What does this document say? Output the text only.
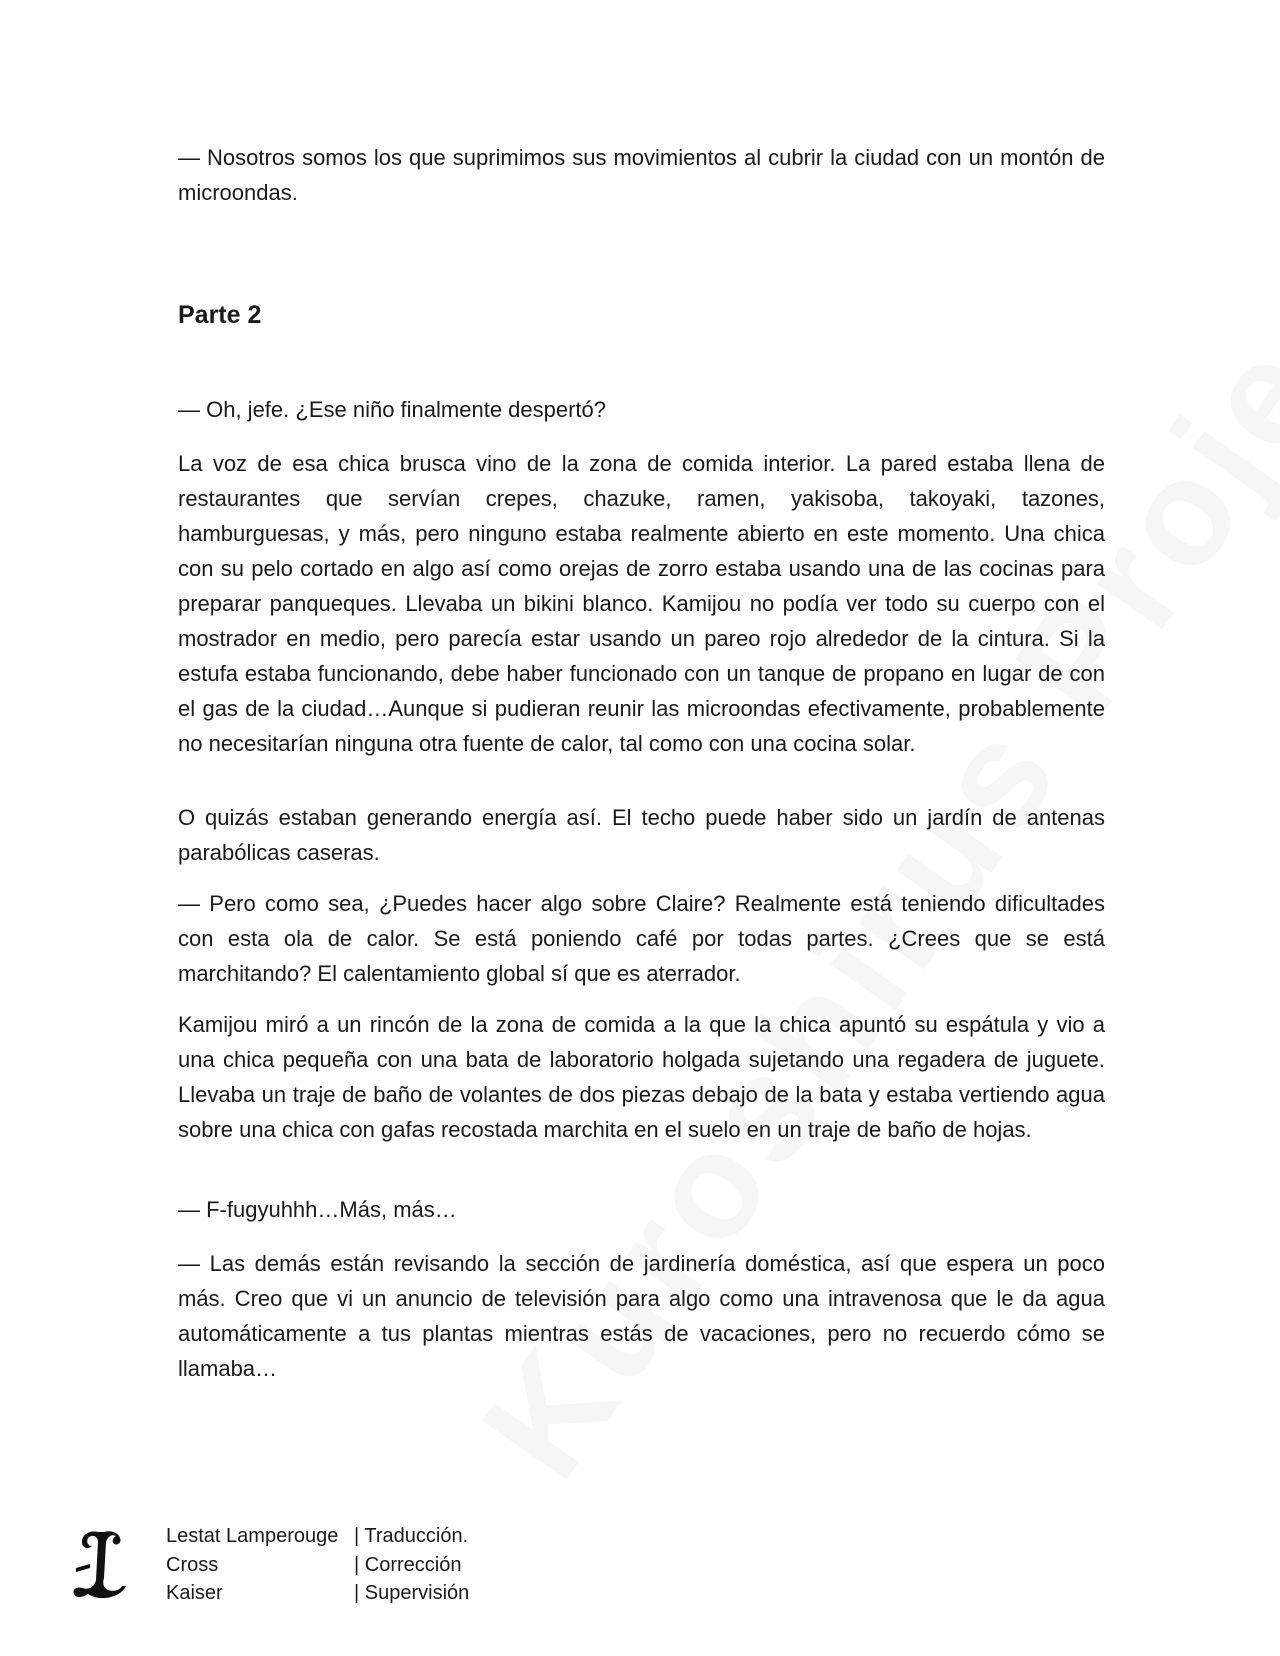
— Nosotros somos los que suprimimos sus movimientos al cubrir la ciudad con un montón de microondas.

Parte 2

— Oh, jefe. ¿Ese niño finalmente despertó?

La voz de esa chica brusca vino de la zona de comida interior. La pared estaba llena de restaurantes que servían crepes, chazuke, ramen, yakisoba, takoyaki, tazones, hamburguesas, y más, pero ninguno estaba realmente abierto en este momento. Una chica con su pelo cortado en algo así como orejas de zorro estaba usando una de las cocinas para preparar panqueques. Llevaba un bikini blanco. Kamijou no podía ver todo su cuerpo con el mostrador en medio, pero parecía estar usando un pareo rojo alrededor de la cintura. Si la estufa estaba funcionando, debe haber funcionado con un tanque de propano en lugar de con el gas de la ciudad…Aunque si pudieran reunir las microondas efectivamente, probablemente no necesitarían ninguna otra fuente de calor, tal como con una cocina solar.

O quizás estaban generando energía así. El techo puede haber sido un jardín de antenas parabólicas caseras.

— Pero como sea, ¿Puedes hacer algo sobre Claire? Realmente está teniendo dificultades con esta ola de calor. Se está poniendo café por todas partes. ¿Crees que se está marchitando? El calentamiento global sí que es aterrador.

Kamijou miró a un rincón de la zona de comida a la que la chica apuntó su espátula y vio a una chica pequeña con una bata de laboratorio holgada sujetando una regadera de juguete. Llevaba un traje de baño de volantes de dos piezas debajo de la bata y estaba vertiendo agua sobre una chica con gafas recostada marchita en el suelo en un traje de baño de hojas.

— F-fugyuhhh…Más, más…

— Las demás están revisando la sección de jardinería doméstica, así que espera un poco más. Creo que vi un anuncio de televisión para algo como una intravenosa que le da agua automáticamente a tus plantas mientras estás de vacaciones, pero no recuerdo cómo se llamaba…

Lestat Lamperouge | Traducción.
Cross	| Corrección
Kaiser	| Supervisión
